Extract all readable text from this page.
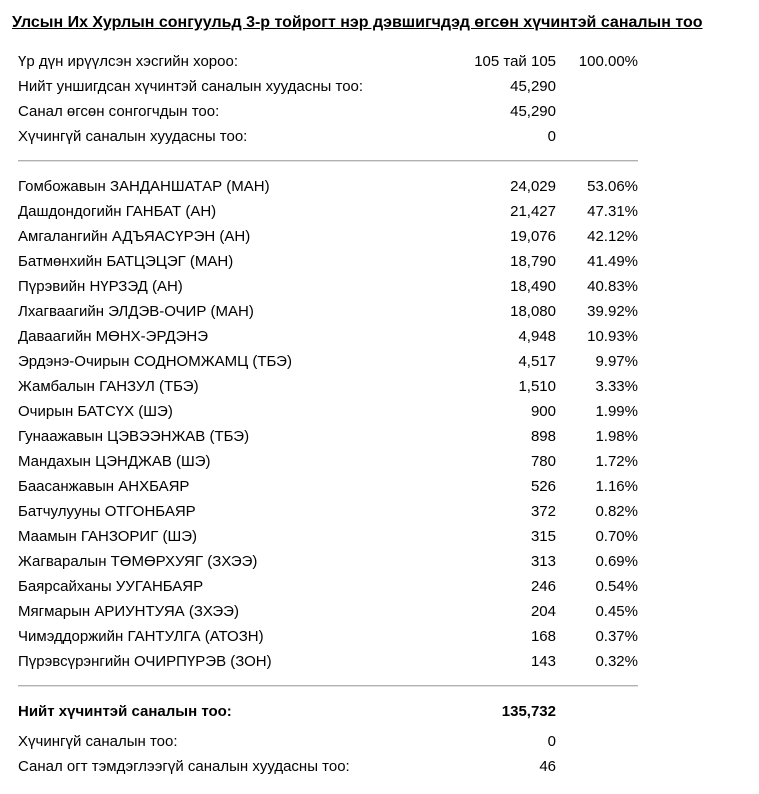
Улсын Их Хурлын сонгуульд 3-р тойрогт нэр дэвшигчдэд өгсөн хүчинтэй саналын тоо
Үр дүн ирүүлсэн хэсгийн хороо:	105 тай 105 100.00%
Нийт уншигдсан хүчинтэй саналын хуудасны тоо:	45,290
Санал өгсөн сонгогчдын тоо:	45,290
Хүчингүй саналын хуудасны тоо:	0
Гомбожавын ЗАНДАНШАТАР (МАН)	24,029 53.06%
Дашдондогийн ГАНБАТ (АН)	21,427 47.31%
Амгалангийн АДЪЯАСҮРЭН (АН)	19,076 42.12%
Батмөнхийн БАТЦЭЦЭГ (МАН)	18,790 41.49%
Пүрэвийн НҮРЗЭД (АН)	18,490 40.83%
Лхагваагийн ЭЛДЭВ-ОЧИР (МАН)	18,080 39.92%
Даваагийн МӨНХ-ЭРДЭНЭ	4,948 10.93%
Эрдэнэ-Очирын СОДНОМЖАМЦ (ТБЭ)	4,517	9.97%
Жамбалын ГАНЗУЛ (ТБЭ)	1,510	3.33%
Очирын БАТСҮХ (ШЭ)	900	1.99%
Гунаажавын ЦЭВЭЭНЖАВ (ТБЭ)	898	1.98%
Мандахын ЦЭНДЖАВ (ШЭ)	780	1.72%
Баасанжавын АНХБАЯР	526	1.16%
Батчулууны ОТГОНБАЯР	372	0.82%
Маамын ГАНЗОРИГ (ШЭ)	315	0.70%
Жагваралын ТӨМӨРХУЯГ (ЗХЭЭ)	313	0.69%
Баярсайханы УУГАНБАЯР	246	0.54%
Мягмарын АРИУНТУЯА (ЗХЭЭ)	204	0.45%
Чимэддоржийн ГАНТУЛГА (АТОЗН)	168	0.37%
Пүрэвсүрэнгийн ОЧИРПҮРЭВ (ЗОН)	143	0.32%
Нийт хүчинтэй саналын тоо:	135,732
Хүчингүй саналын тоо:	0
Санал огт тэмдэглээгүй саналын хуудасны тоо:	46
